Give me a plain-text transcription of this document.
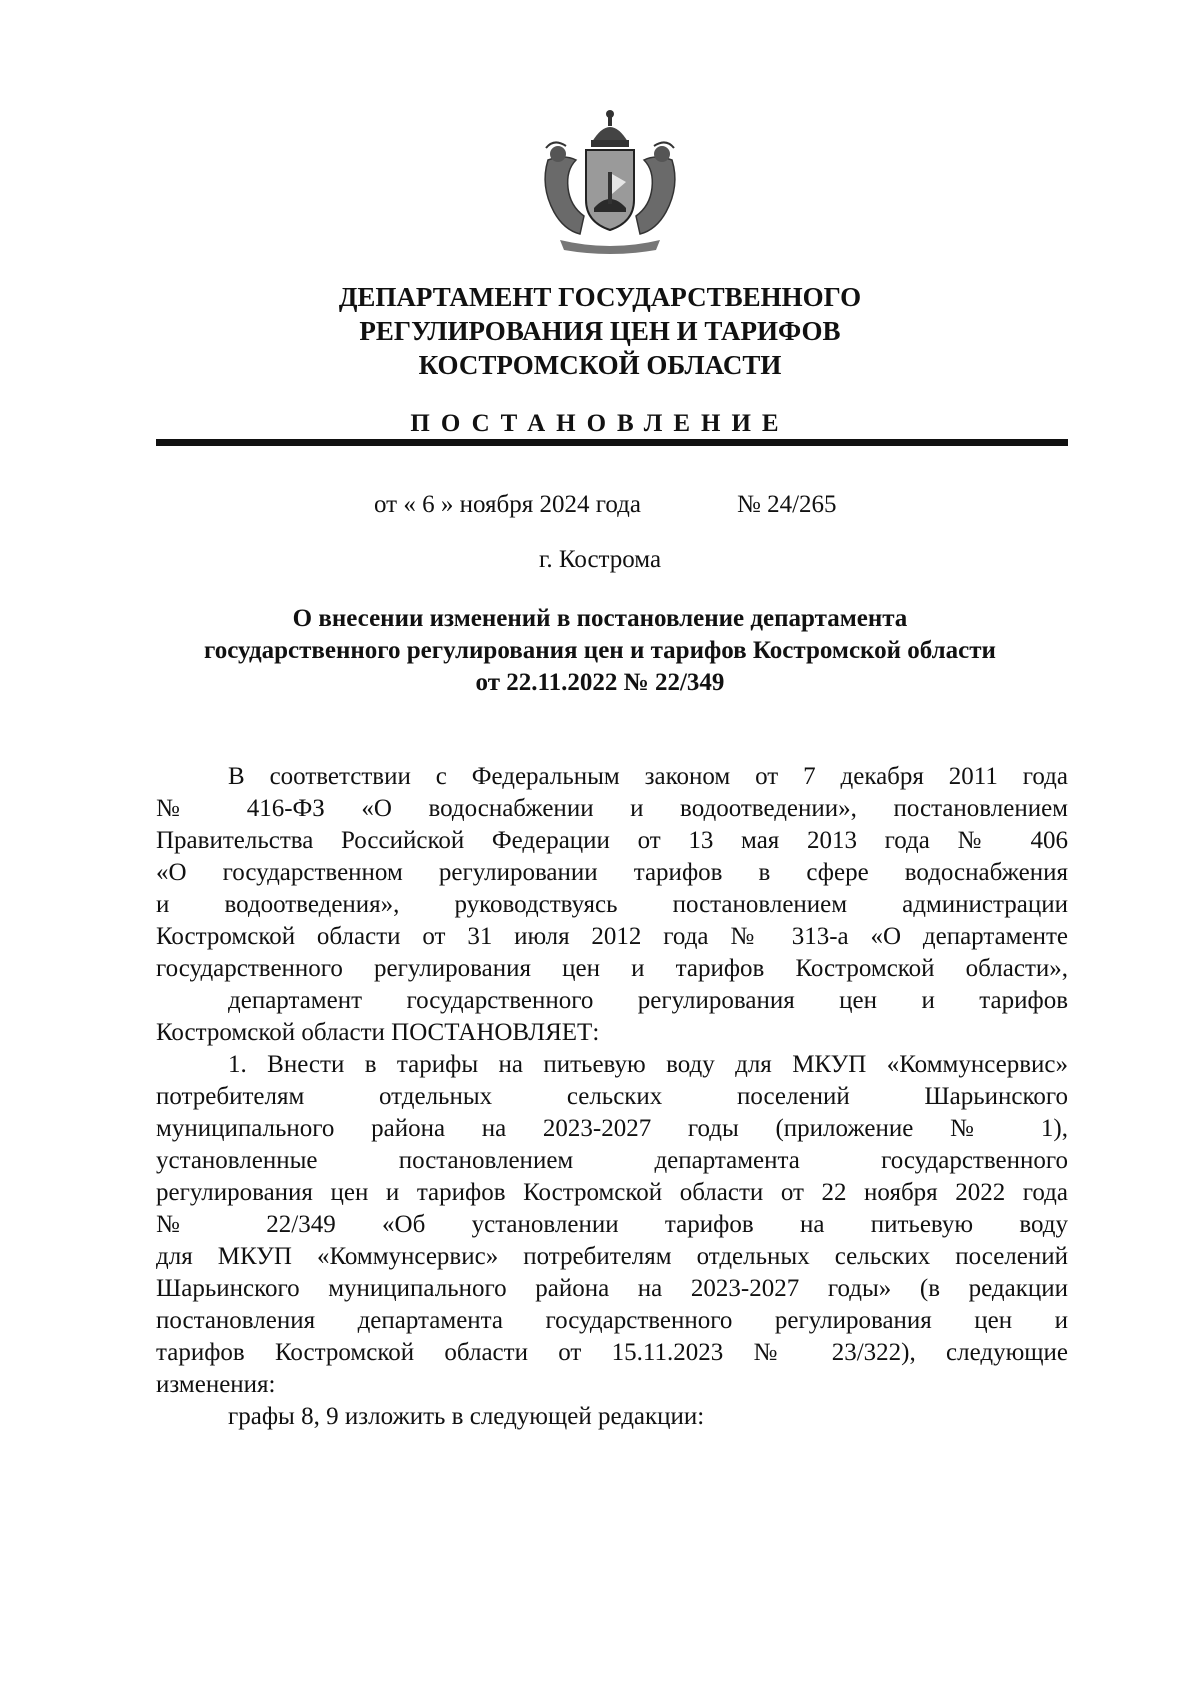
ДЕПАРТАМЕНТ ГОСУДАРСТВЕННОГО
РЕГУЛИРОВАНИЯ ЦЕН И ТАРИФОВ
КОСТРОМСКОЙ ОБЛАСТИ
ПОСТАНОВЛЕНИЕ
от « 6 » ноября 2024 года	№ 24/265
г. Кострома
О внесении изменений в постановление департамента
государственного регулирования цен и тарифов Костромской области
от 22.11.2022 № 22/349
В соответствии с Федеральным законом от 7 декабря 2011 года
№ 416-ФЗ «О водоснабжении и водоотведении», постановлением
Правительства Российской Федерации от 13 мая 2013 года № 406
«О государственном регулировании тарифов в сфере водоснабжения
и водоотведения», руководствуясь постановлением администрации
Костромской области от 31 июля 2012 года № 313-а «О департаменте
государственного регулирования цен и тарифов Костромской области»,
департамент государственного регулирования цен и тарифов
Костромской области ПОСТАНОВЛЯЕТ:
1. Внести в тарифы на питьевую воду для МКУП «Коммунсервис»
потребителям отдельных сельских поселений Шарьинского
муниципального района на 2023-2027 годы (приложение № 1),
установленные постановлением департамента государственного
регулирования цен и тарифов Костромской области от 22 ноября 2022 года
№ 22/349 «Об установлении тарифов на питьевую воду
для МКУП «Коммунсервис» потребителям отдельных сельских поселений
Шарьинского муниципального района на 2023-2027 годы» (в редакции
постановления департамента государственного регулирования цен и
тарифов Костромской области от 15.11.2023 № 23/322), следующие
изменения:
графы 8, 9 изложить в следующей редакции:
